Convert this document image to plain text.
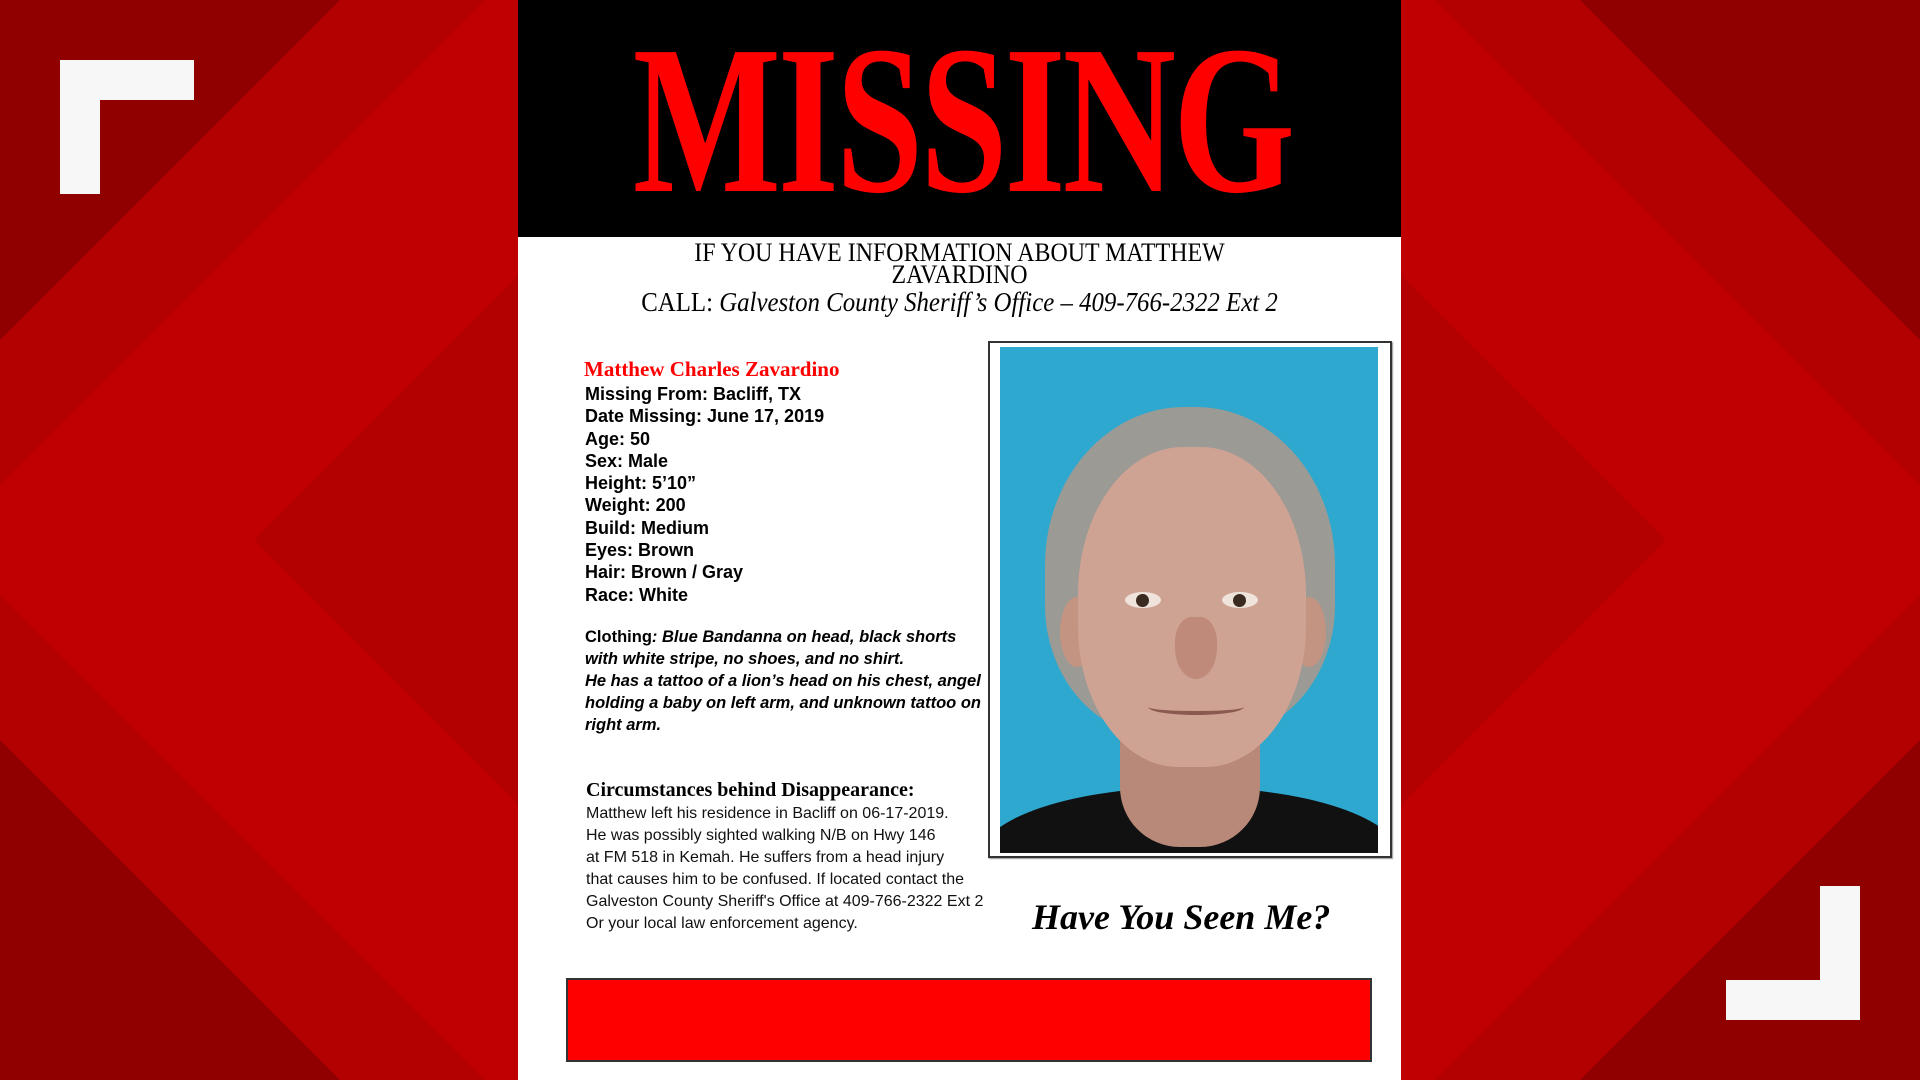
MISSING
IF YOU HAVE INFORMATION ABOUT MATTHEW
ZAVARDINO
CALL: Galveston County Sheriff’s Office – 409-766-2322 Ext 2
Matthew Charles Zavardino
Missing From: Bacliff, TX
Date Missing: June 17, 2019
Age: 50
Sex: Male
Height: 5’10”
Weight: 200
Build: Medium
Eyes: Brown
Hair: Brown / Gray
Race: White
Clothing: Blue Bandanna on head, black shorts with white stripe, no shoes, and no shirt.
He has a tattoo of a lion’s head on his chest, angel holding a baby on left arm, and unknown tattoo on right arm.
Circumstances behind Disappearance:
Matthew left his residence in Bacliff on 06-17-2019.
He was possibly sighted walking N/B on Hwy 146
at FM 518 in Kemah. He suffers from a head injury
that causes him to be confused. If located contact the
Galveston County Sheriff's Office at 409-766-2322 Ext 2
Or your local law enforcement agency.	Have You Seen Me?
